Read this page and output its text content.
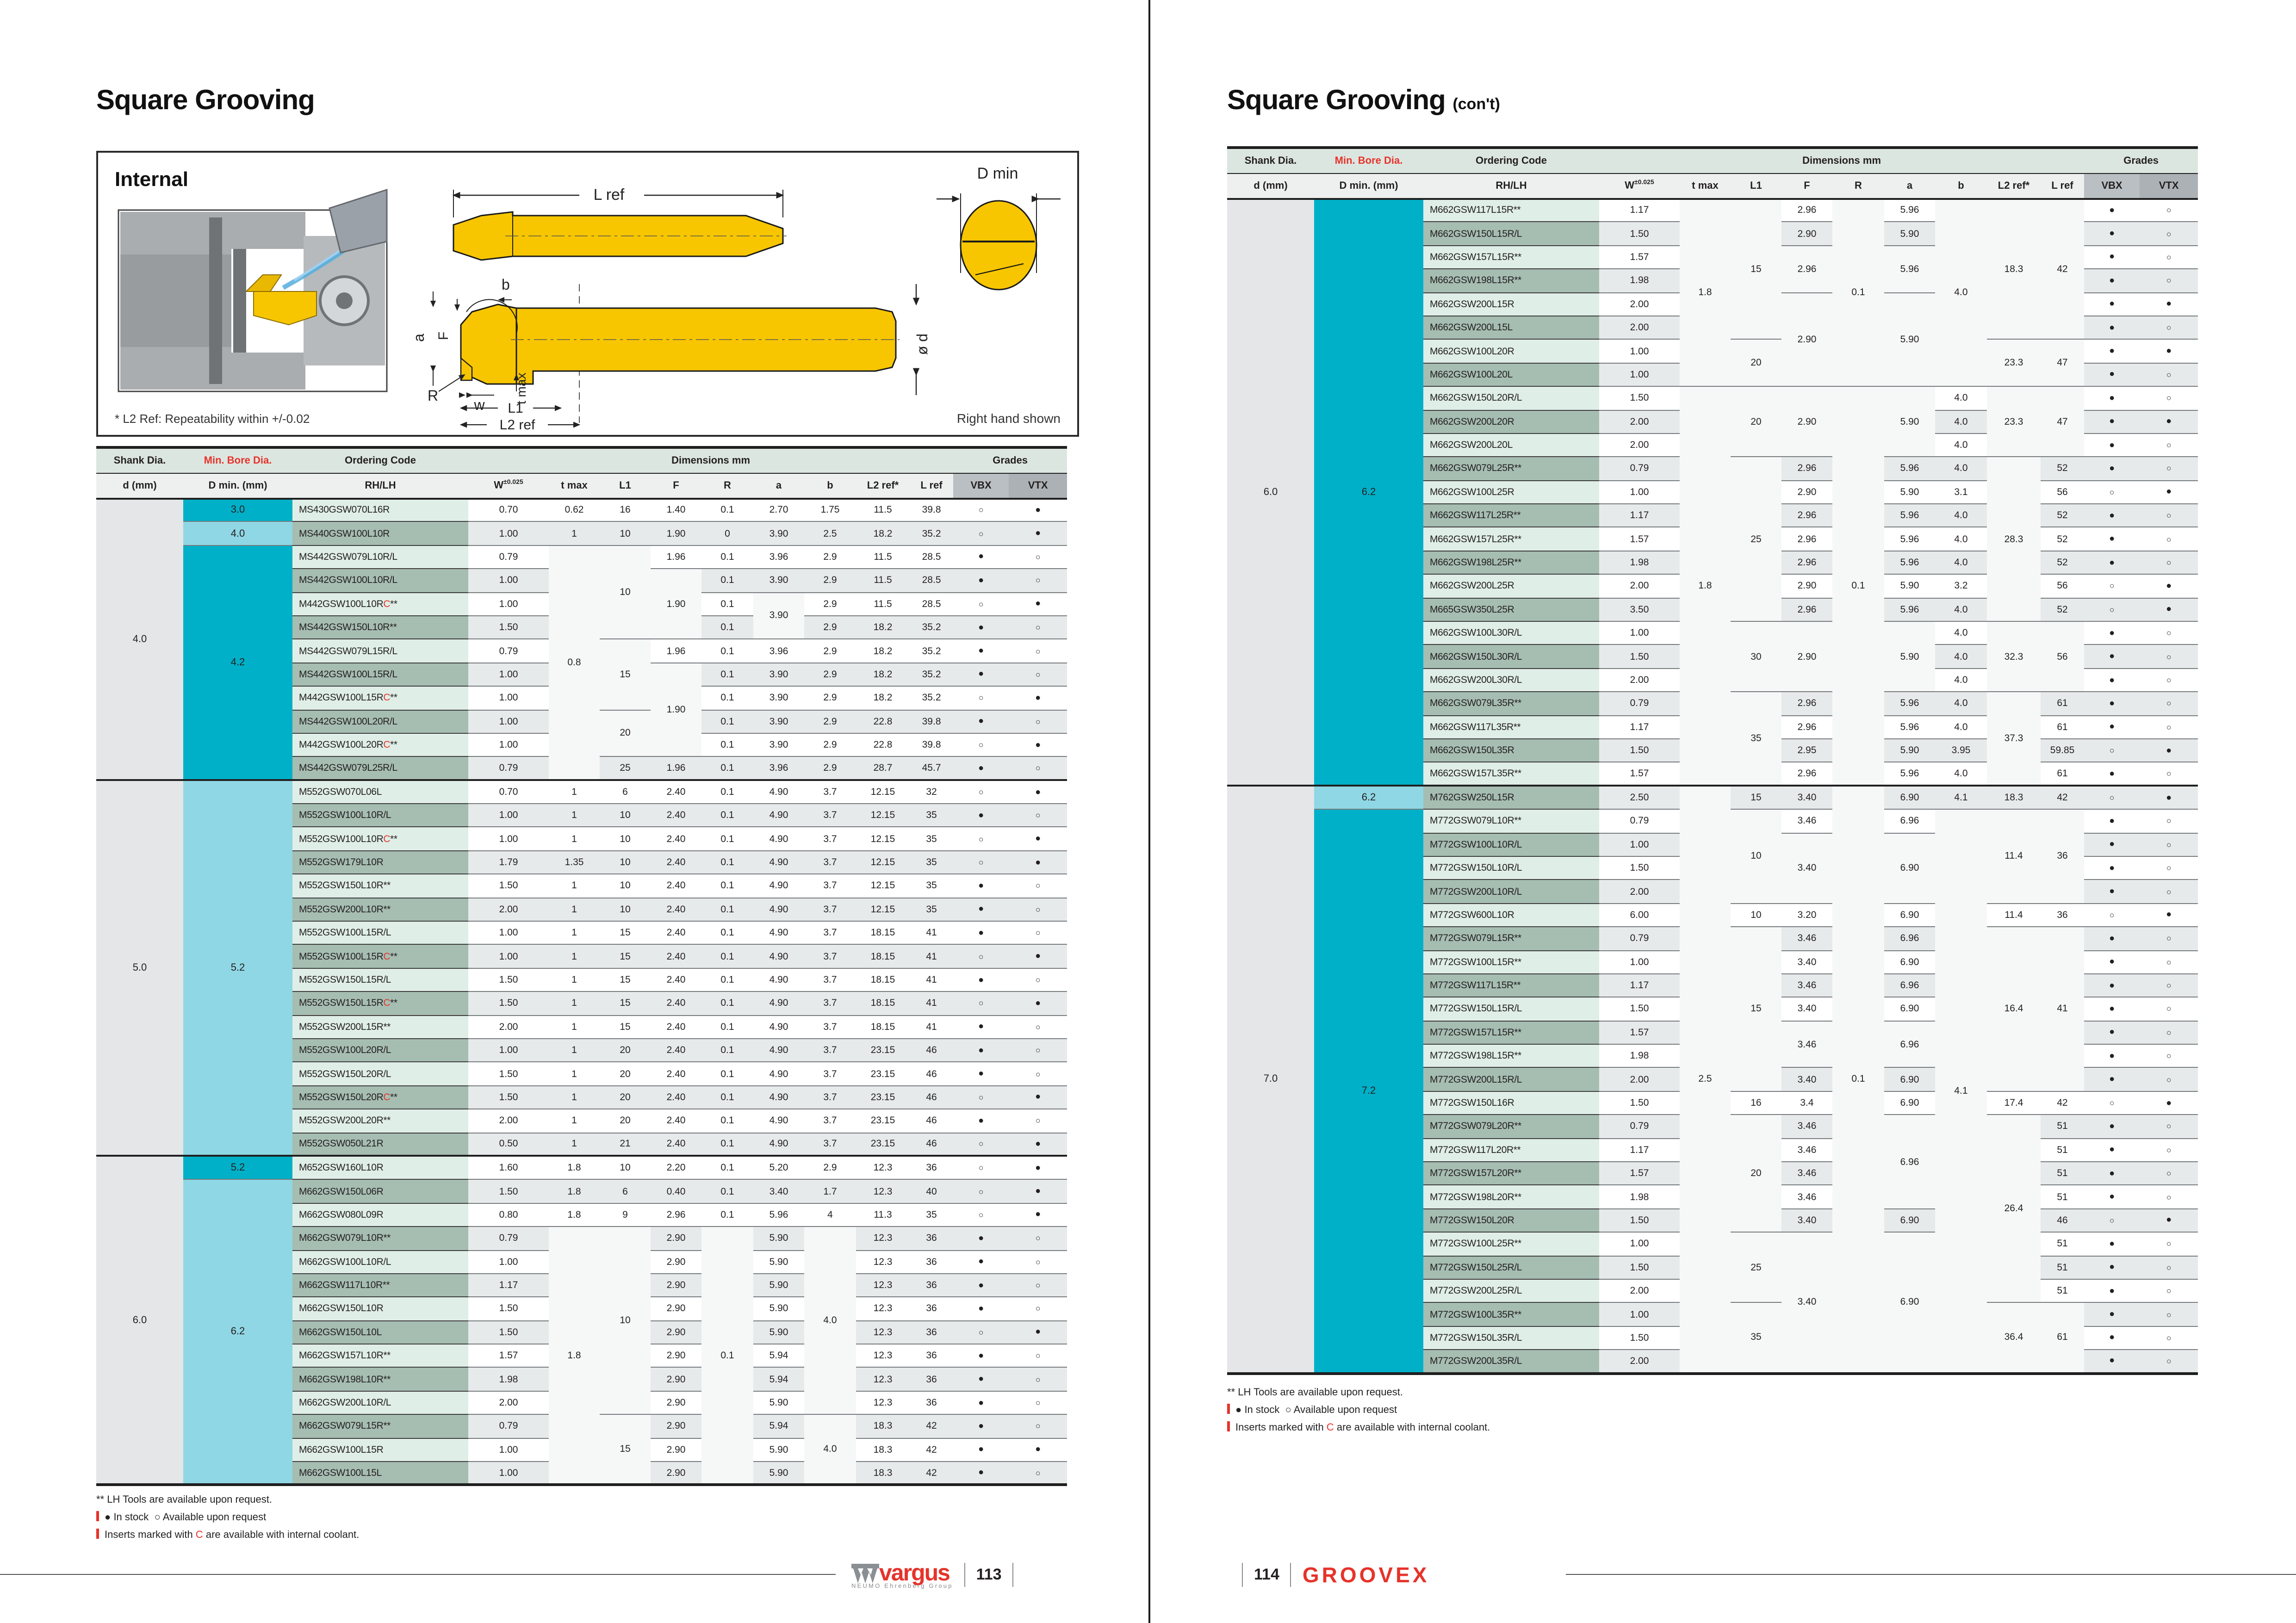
Square Grooving
Internal
L ref
D min
ø d
b
a F
R
w
t max
L1
L2 ref
* L2 Ref: Repeatability within +/-0.02	Right hand shown
Shank Dia.	Min. Bore Dia.	Ordering Code	Dimensions mm									Grades	
d (mm)	D min. (mm)	RH/LH	$W^{\pm 0.025}$	t max	L1	F	R	a	b	L2 ref*	L ref	VBX	VTX
4.0	3.0	MS430GSW070L16R	0.70	0.62	16	1.40	0.1	2.70	1.75	11.5	39.8	○	●
	4.0	MS440GSW100L10R	1.00	1	10	1.90	0	3.90	2.5	18.2	35.2	○	●
	4.2	MS442GSW079L10R/L	0.79	0.8	10	1.96	0.1	3.96	2.9	11.5	28.5	●	○
		MS442GSW100L10R/L	1.00			1.90	0.1	3.90	2.9	11.5	28.5	●	○
		M442GSW100L10RC**	1.00				0.1	3.90	2.9	11.5	28.5	○	●
		MS442GSW150L10R**	1.50				0.1		2.9	18.2	35.2	●	○
		MS442GSW079L15R/L	0.79		15	1.96	0.1	3.96	2.9	18.2	35.2	●	○
		MS442GSW100L15R/L	1.00			1.90	0.1	3.90	2.9	18.2	35.2	●	○
		M442GSW100L15RC**	1.00				0.1	3.90	2.9	18.2	35.2	○	●
		MS442GSW100L20R/L	1.00		20		0.1	3.90	2.9	22.8	39.8	●	○
		M442GSW100L20RC**	1.00				0.1	3.90	2.9	22.8	39.8	○	●
		MS442GSW079L25R/L	0.79		25	1.96	0.1	3.96	2.9	28.7	45.7	●	○
5.0	5.2	M552GSW070L06L	0.70	1	6	2.40	0.1	4.90	3.7	12.15	32	○	●
		M552GSW100L10R/L	1.00	1	10	2.40	0.1	4.90	3.7	12.15	35	●	○
		M552GSW100L10RC**	1.00	1	10	2.40	0.1	4.90	3.7	12.15	35	○	●
		M552GSW179L10R	1.79	1.35	10	2.40	0.1	4.90	3.7	12.15	35	○	●
		M552GSW150L10R**	1.50	1	10	2.40	0.1	4.90	3.7	12.15	35	●	○
		M552GSW200L10R**	2.00	1	10	2.40	0.1	4.90	3.7	12.15	35	●	○
		M552GSW100L15R/L	1.00	1	15	2.40	0.1	4.90	3.7	18.15	41	●	○
		M552GSW100L15RC**	1.00	1	15	2.40	0.1	4.90	3.7	18.15	41	○	●
		M552GSW150L15R/L	1.50	1	15	2.40	0.1	4.90	3.7	18.15	41	●	○
		M552GSW150L15RC**	1.50	1	15	2.40	0.1	4.90	3.7	18.15	41	○	●
		M552GSW200L15R**	2.00	1	15	2.40	0.1	4.90	3.7	18.15	41	●	○
		M552GSW100L20R/L	1.00	1	20	2.40	0.1	4.90	3.7	23.15	46	●	○
		M552GSW150L20R/L	1.50	1	20	2.40	0.1	4.90	3.7	23.15	46	●	○
		M552GSW150L20RC**	1.50	1	20	2.40	0.1	4.90	3.7	23.15	46	○	●
		M552GSW200L20R**	2.00	1	20	2.40	0.1	4.90	3.7	23.15	46	●	○
		M552GSW050L21R	0.50	1	21	2.40	0.1	4.90	3.7	23.15	46	○	●
6.0	5.2	M652GSW160L10R	1.60	1.8	10	2.20	0.1	5.20	2.9	12.3	36	○	●
	6.2	M662GSW150L06R	1.50	1.8	6	0.40	0.1	3.40	1.7	12.3	40	○	●
		M662GSW080L09R	0.80	1.8	9	2.96	0.1	5.96	4	11.3	35	○	●
		M662GSW079L10R**	0.79	1.8	10	2.90	0.1	5.90	4.0	12.3	36	●	○
		M662GSW100L10R/L	1.00			2.90		5.90		12.3	36	●	○
		M662GSW117L10R**	1.17			2.90		5.90		12.3	36	●	○
		M662GSW150L10R	1.50			2.90		5.90		12.3	36	●	○
		M662GSW150L10L	1.50			2.90		5.90		12.3	36	○	●
		M662GSW157L10R**	1.57			2.90		5.94		12.3	36	●	○
		M662GSW198L10R**	1.98			2.90		5.94		12.3	36	●	○
		M662GSW200L10R/L	2.00			2.90		5.90		12.3	36	●	○
		M662GSW079L15R**	0.79		15	2.90		5.94	4.0	18.3	42	●	○
		M662GSW100L15R	1.00			2.90		5.90		18.3	42	●	●
		M662GSW100L15L	1.00			2.90		5.90		18.3	42	●	○
** LH Tools are available upon request.
● In stock ○ Available upon request
Inserts marked with C are available with internal coolant.
vargus
NEUMO Ehrenberg Group
113
Square Grooving (con't)
Shank Dia.	Min. Bore Dia.	Ordering Code	Dimensions mm									Grades	
d (mm)	D min. (mm)	RH/LH	$W^{\pm 0.025}$	t max	L1	F	R	a	b	L2 ref*	L ref	VBX	VTX
6.0	6.2	M662GSW117L15R**	1.17	1.8	15	2.96	0.1	5.96	4.0	18.3	42	●	○
		M662GSW150L15R/L	1.50			2.90		5.90				●	○
		M662GSW157L15R**	1.57			2.96		5.96				●	○
		M662GSW198L15R**	1.98									●	○
		M662GSW200L15R	2.00			2.90		5.90				●	●
		M662GSW200L15L	2.00									●	○
		M662GSW100L20R	1.00		20					23.3	47	●	●
		M662GSW100L20L	1.00									●	○
		M662GSW150L20R/L	1.50	1.8	20	2.90	0.1	5.90	4.0	23.3	47	●	○
		M662GSW200L20R	2.00						4.0			●	●
		M662GSW200L20L	2.00						4.0			●	○
		M662GSW079L25R**	0.79		25	2.96		5.96	4.0	28.3	52	●	○
		M662GSW100L25R	1.00			2.90		5.90	3.1		56	○	●
		M662GSW117L25R**	1.17			2.96		5.96	4.0		52	●	○
		M662GSW157L25R**	1.57			2.96		5.96	4.0		52	●	○
		M662GSW198L25R**	1.98			2.96		5.96	4.0		52	●	○
		M662GSW200L25R	2.00			2.90		5.90	3.2		56	○	●
		M665GSW350L25R	3.50			2.96		5.96	4.0		52	○	●
		M662GSW100L30R/L	1.00		30	2.90		5.90	4.0	32.3	56	●	○
		M662GSW150L30R/L	1.50						4.0			●	○
		M662GSW200L30R/L	2.00						4.0			●	○
		M662GSW079L35R**	0.79		35	2.96		5.96	4.0	37.3	61	●	○
		M662GSW117L35R**	1.17			2.96		5.96	4.0		61	●	○
		M662GSW150L35R	1.50			2.95		5.90	3.95		59.85	○	●
		M662GSW157L35R**	1.57			2.96		5.96	4.0		61	●	○
7.0	6.2	M762GSW250L15R	2.50	2.5	15	3.40	0.1	6.90	4.1	18.3	42	○	●
	7.2	M772GSW079L10R**	0.79		10	3.46		6.96	4.1	11.4	36	●	○
		M772GSW100L10R/L	1.00			3.40		6.90				●	○
		M772GSW150L10R/L	1.50									●	○
		M772GSW200L10R/L	2.00									●	○
		M772GSW600L10R	6.00		10	3.20		6.90		11.4	36	○	●
		M772GSW079L15R**	0.79		15	3.46		6.96		16.4	41	●	○
		M772GSW100L15R**	1.00			3.40		6.90				●	○
		M772GSW117L15R**	1.17			3.46		6.96				●	○
		M772GSW150L15R/L	1.50			3.40		6.90				●	○
		M772GSW157L15R**	1.57			3.46		6.96				●	○
		M772GSW198L15R**	1.98									●	○
		M772GSW200L15R/L	2.00			3.40		6.90				●	○
		M772GSW150L16R	1.50		16	3.4		6.90		17.4	42	○	●
		M772GSW079L20R**	0.79		20	3.46		6.96		26.4	51	●	○
		M772GSW117L20R**	1.17			3.46					51	●	○
		M772GSW157L20R**	1.57			3.46					51	●	○
		M772GSW198L20R**	1.98			3.46					51	●	○
		M772GSW150L20R	1.50			3.40		6.90			46	○	●
		M772GSW100L25R**	1.00		25	3.40		6.90			51	●	○
		M772GSW150L25R/L	1.50								51	●	○
		M772GSW200L25R/L	2.00								51	●	○
		M772GSW100L35R**	1.00		35					36.4	61	●	○
		M772GSW150L35R/L	1.50									●	○
		M772GSW200L35R/L	2.00									●	○
** LH Tools are available upon request.
● In stock ○ Available upon request
Inserts marked with C are available with internal coolant.
114 GROOVEX
